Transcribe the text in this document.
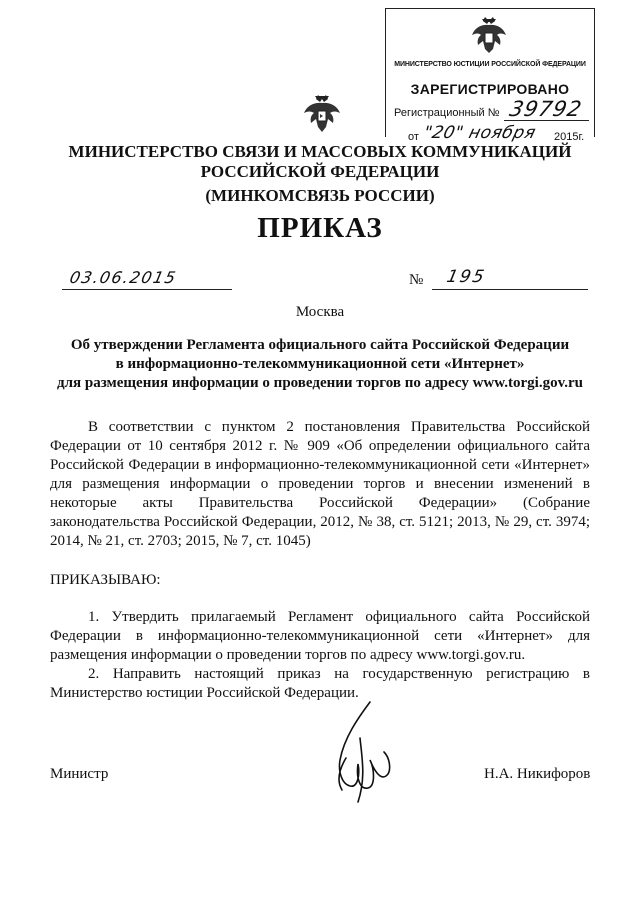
МИНИСТЕРСТВО ЮСТИЦИИ РОССИЙСКОЙ ФЕДЕРАЦИИ
ЗАРЕГИСТРИРОВАНО
Регистрационный № 39792
от "20" ноября 2015г.
МИНИСТЕРСТВО СВЯЗИ И МАССОВЫХ КОММУНИКАЦИЙ
РОССИЙСКОЙ ФЕДЕРАЦИИ
(МИНКОМСВЯЗЬ РОССИИ)
ПРИКАЗ
03.06.2015	№ 195
Москва
Об утверждении Регламента официального сайта Российской Федерации
в информационно-телекоммуникационной сети «Интернет»
для размещения информации о проведении торгов по адресу www.torgi.gov.ru
В соответствии с пунктом 2 постановления Правительства Российской Федерации от 10 сентября 2012 г. № 909 «Об определении официального сайта Российской Федерации в информационно-телекоммуникационной сети «Интернет» для размещения информации о проведении торгов и внесении изменений в некоторые акты Правительства Российской Федерации» (Собрание законодательства Российской Федерации, 2012, № 38, ст. 5121; 2013, № 29, ст. 3974; 2014, № 21, ст. 2703; 2015, № 7, ст. 1045)
ПРИКАЗЫВАЮ:
1. Утвердить прилагаемый Регламент официального сайта Российской Федерации в информационно-телекоммуникационной сети «Интернет» для размещения информации о проведении торгов по адресу www.torgi.gov.ru.
2. Направить настоящий приказ на государственную регистрацию в Министерство юстиции Российской Федерации.
Министр	Н.А. Никифоров
